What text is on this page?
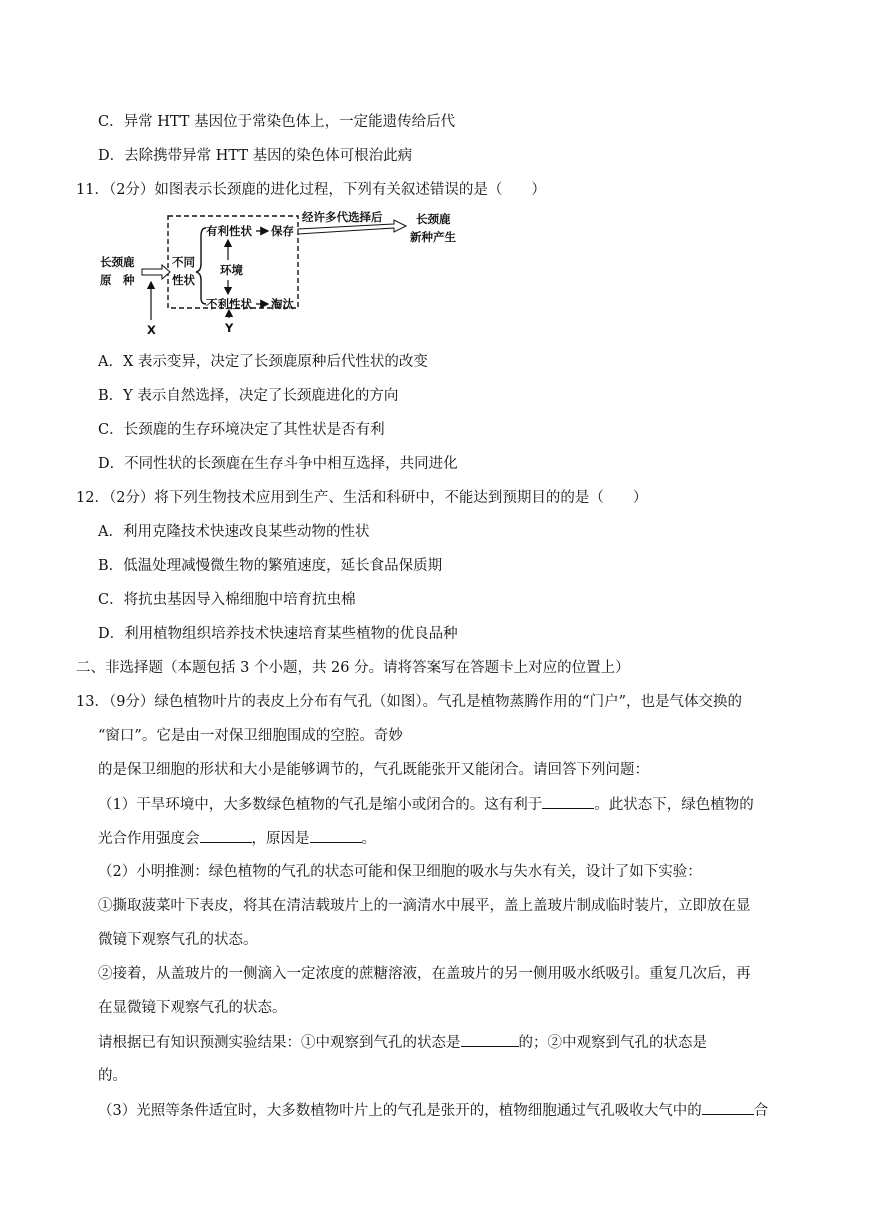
C．异常 HTT 基因位于常染色体上，一定能遗传给后代
D．去除携带异常 HTT 基因的染色体可根治此病
11．（2分）如图表示长颈鹿的进化过程，下列有关叙述错误的是（　　）
长颈鹿
原　种
不同
性状
有利性状 保存
环境
不利性状 淘汰
经许多代选择后	长颈鹿
新种产生
X	Y
A．X 表示变异，决定了长颈鹿原种后代性状的改变
B．Y 表示自然选择，决定了长颈鹿进化的方向
C．长颈鹿的生存环境决定了其性状是否有利
D．不同性状的长颈鹿在生存斗争中相互选择，共同进化
12．（2分）将下列生物技术应用到生产、生活和科研中，不能达到预期目的的是（　　）
A．利用克隆技术快速改良某些动物的性状
B．低温处理减慢微生物的繁殖速度，延长食品保质期
C．将抗虫基因导入棉细胞中培育抗虫棉
D．利用植物组织培养技术快速培育某些植物的优良品种
二、非选择题（本题包括 3 个小题，共 26 分。请将答案写在答题卡上对应的位置上）
13．（9分）绿色植物叶片的表皮上分布有气孔（如图）。气孔是植物蒸腾作用的“门户”，也是气体交换的
“窗口”。它是由一对保卫细胞围成的空腔。奇妙
的是保卫细胞的形状和大小是能够调节的，气孔既能张开又能闭合。请回答下列问题：
（1）干旱环境中，大多数绿色植物的气孔是缩小或闭合的。这有利于	。此状态下，绿色植物的
光合作用强度会	，原因是	。
（2）小明推测：绿色植物的气孔的状态可能和保卫细胞的吸水与失水有关，设计了如下实验：
①撕取菠菜叶下表皮，将其在清洁载玻片上的一滴清水中展平，盖上盖玻片制成临时装片，立即放在显
微镜下观察气孔的状态。
②接着，从盖玻片的一侧滴入一定浓度的蔗糖溶液，在盖玻片的另一侧用吸水纸吸引。重复几次后，再
在显微镜下观察气孔的状态。
请根据已有知识预测实验结果：①中观察到气孔的状态是	的；②中观察到气孔的状态是
的。
（3）光照等条件适宜时，大多数植物叶片上的气孔是张开的，植物细胞通过气孔吸收大气中的	合
